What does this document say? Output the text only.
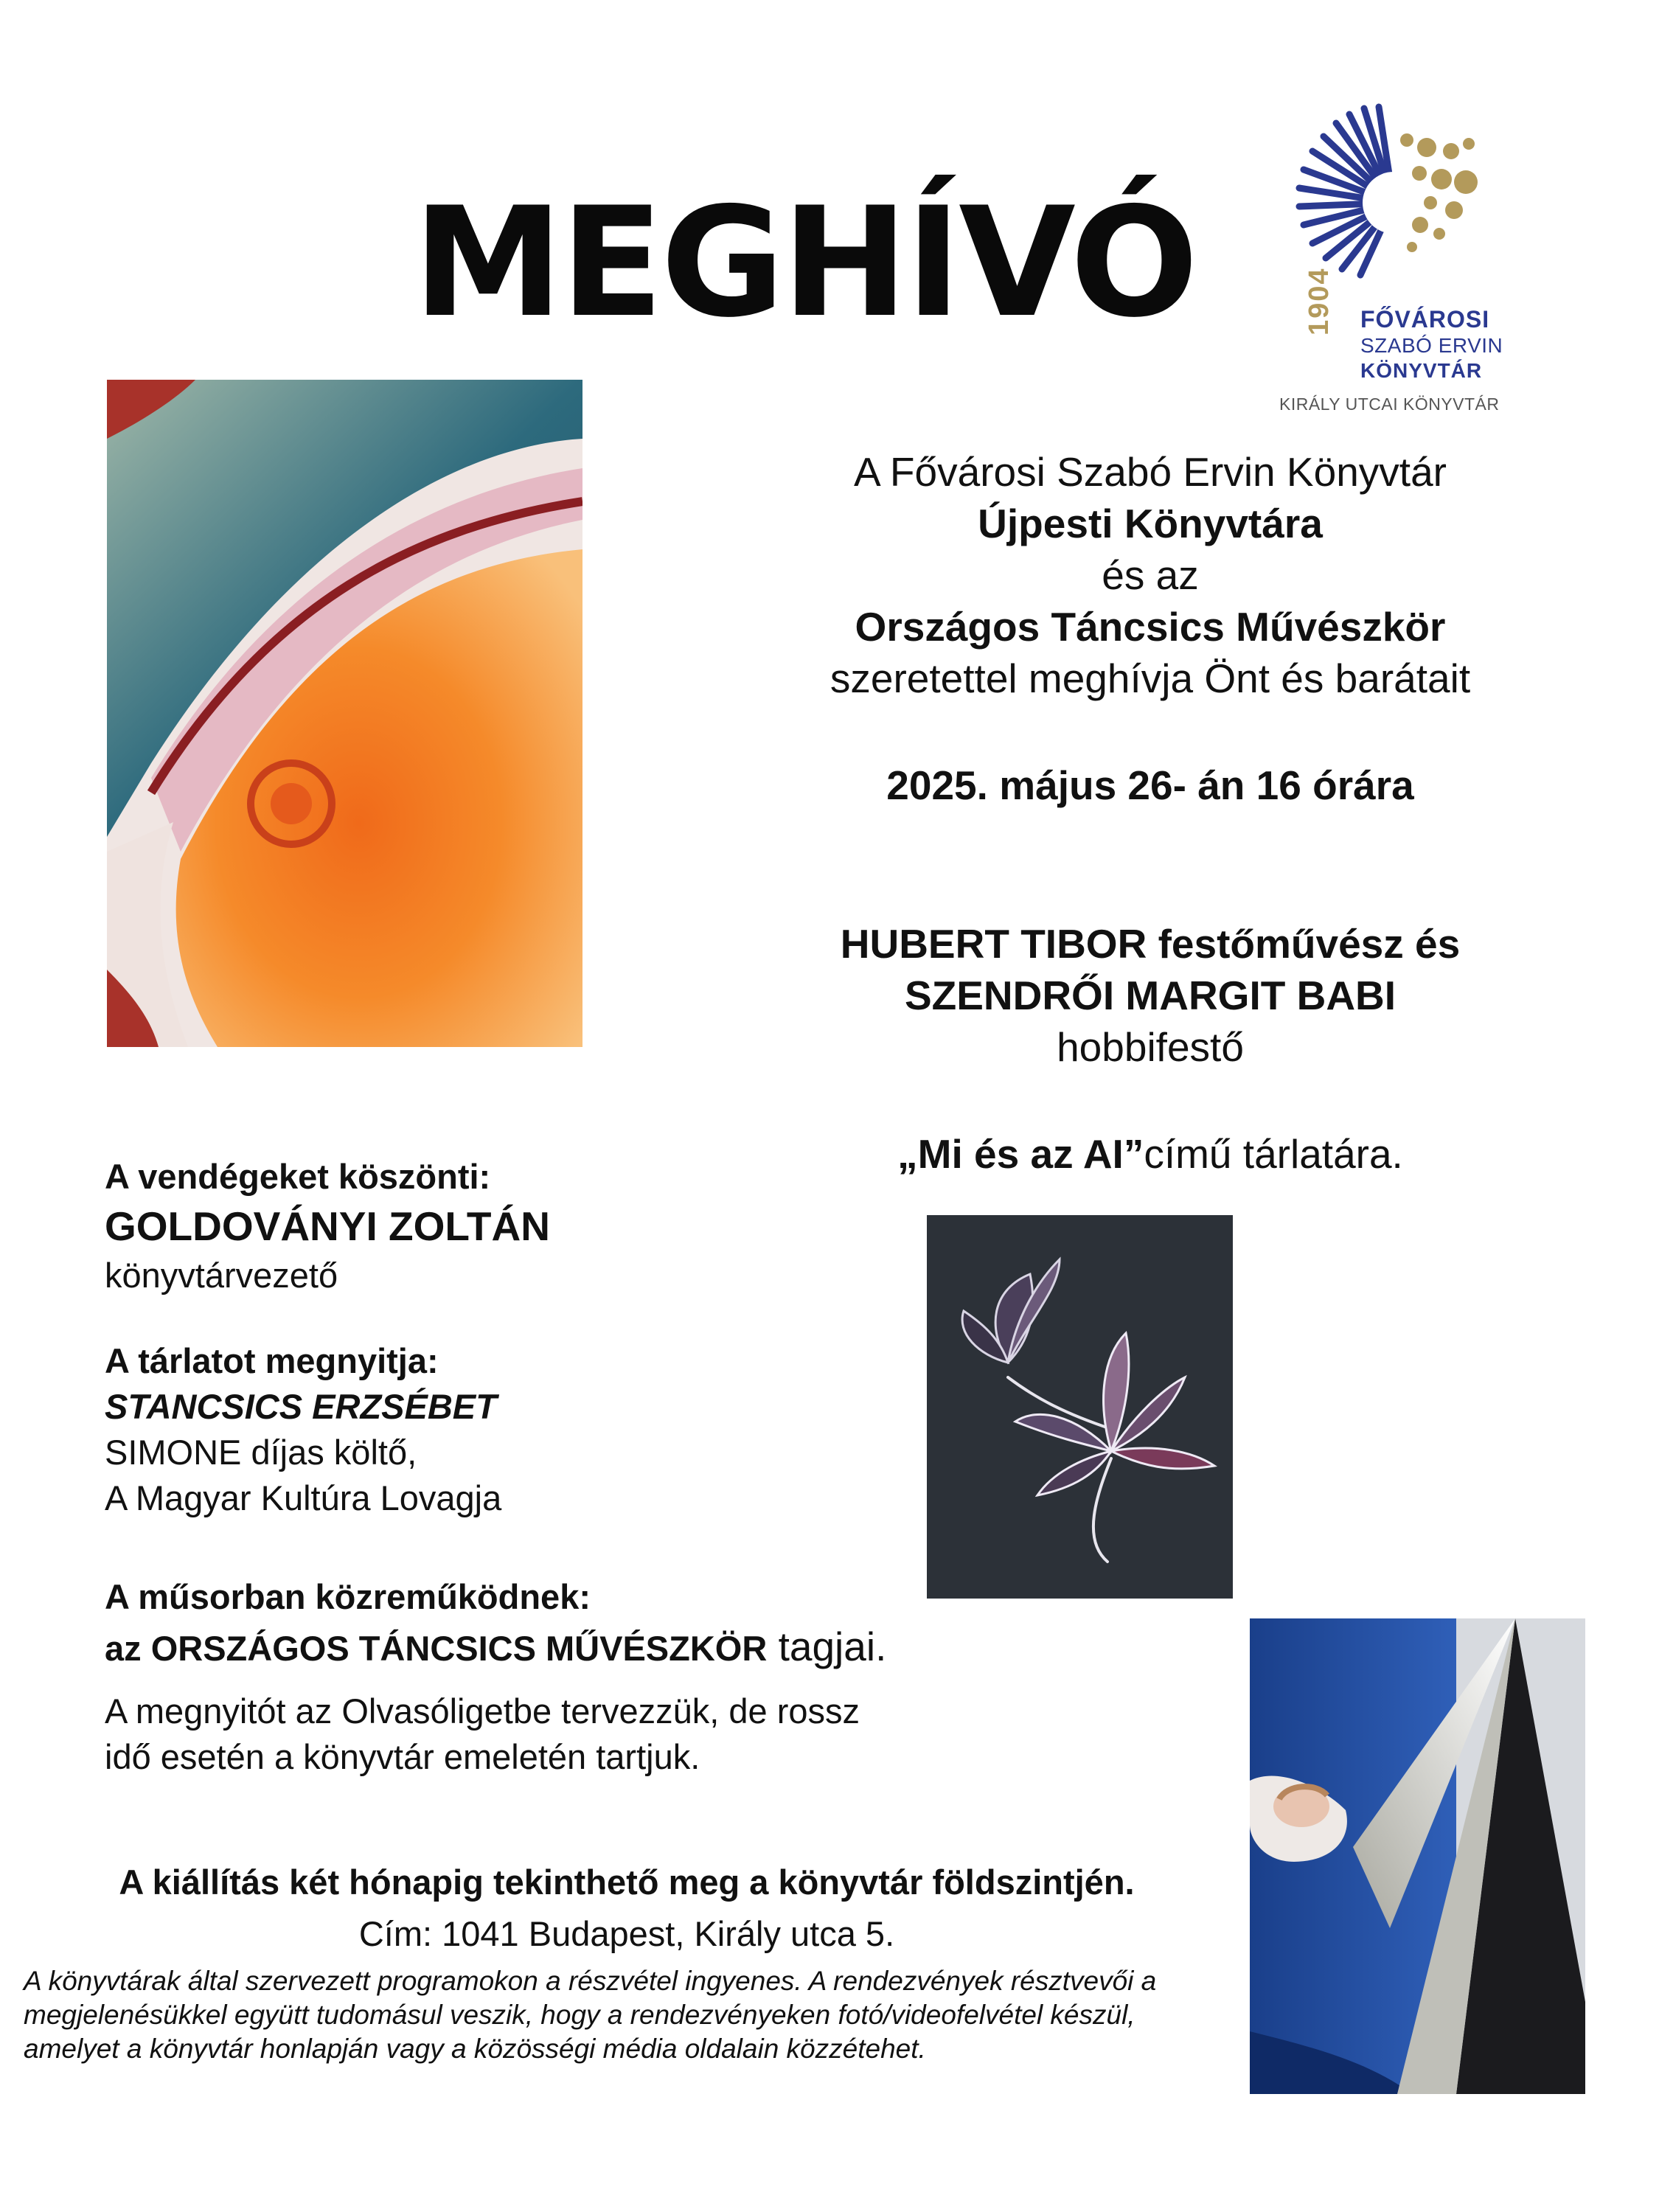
MEGHÍVÓ	1904 FŐVÁROSI
SZABÓ ERVIN
KÖNYVTÁR
KIRÁLY UTCAI KÖNYVTÁR
A Fővárosi Szabó Ervin Könyvtár
Újpesti Könyvtára
és az
Országos Táncsics Művészkör
szeretettel meghívja Önt és barátait
2025. május 26- án 16 órára
HUBERT TIBOR festőművész és
SZENDRŐI MARGIT BABI
hobbifestő
„Mi és az AI”című tárlatára.
A vendégeket köszönti:
GOLDOVÁNYI ZOLTÁN
könyvtárvezető
A tárlatot megnyitja:
STANCSICS ERZSÉBET
SIMONE díjas költő,
A Magyar Kultúra Lovagja
A műsorban közreműködnek:
az ORSZÁGOS TÁNCSICS MŰVÉSZKÖR tagjai.
A megnyitót az Olvasóligetbe tervezzük, de rossz
idő esetén a könyvtár emeletén tartjuk.
A kiállítás két hónapig tekinthető meg a könyvtár földszintjén.
Cím: 1041 Budapest, Király utca 5.
A könyvtárak által szervezett programokon a részvétel ingyenes. A rendezvények résztvevői a megjelenésükkel együtt tudomásul veszik, hogy a rendezvényeken fotó/videofelvétel készül, amelyet a könyvtár honlapján vagy a közösségi média oldalain közzétehet.
